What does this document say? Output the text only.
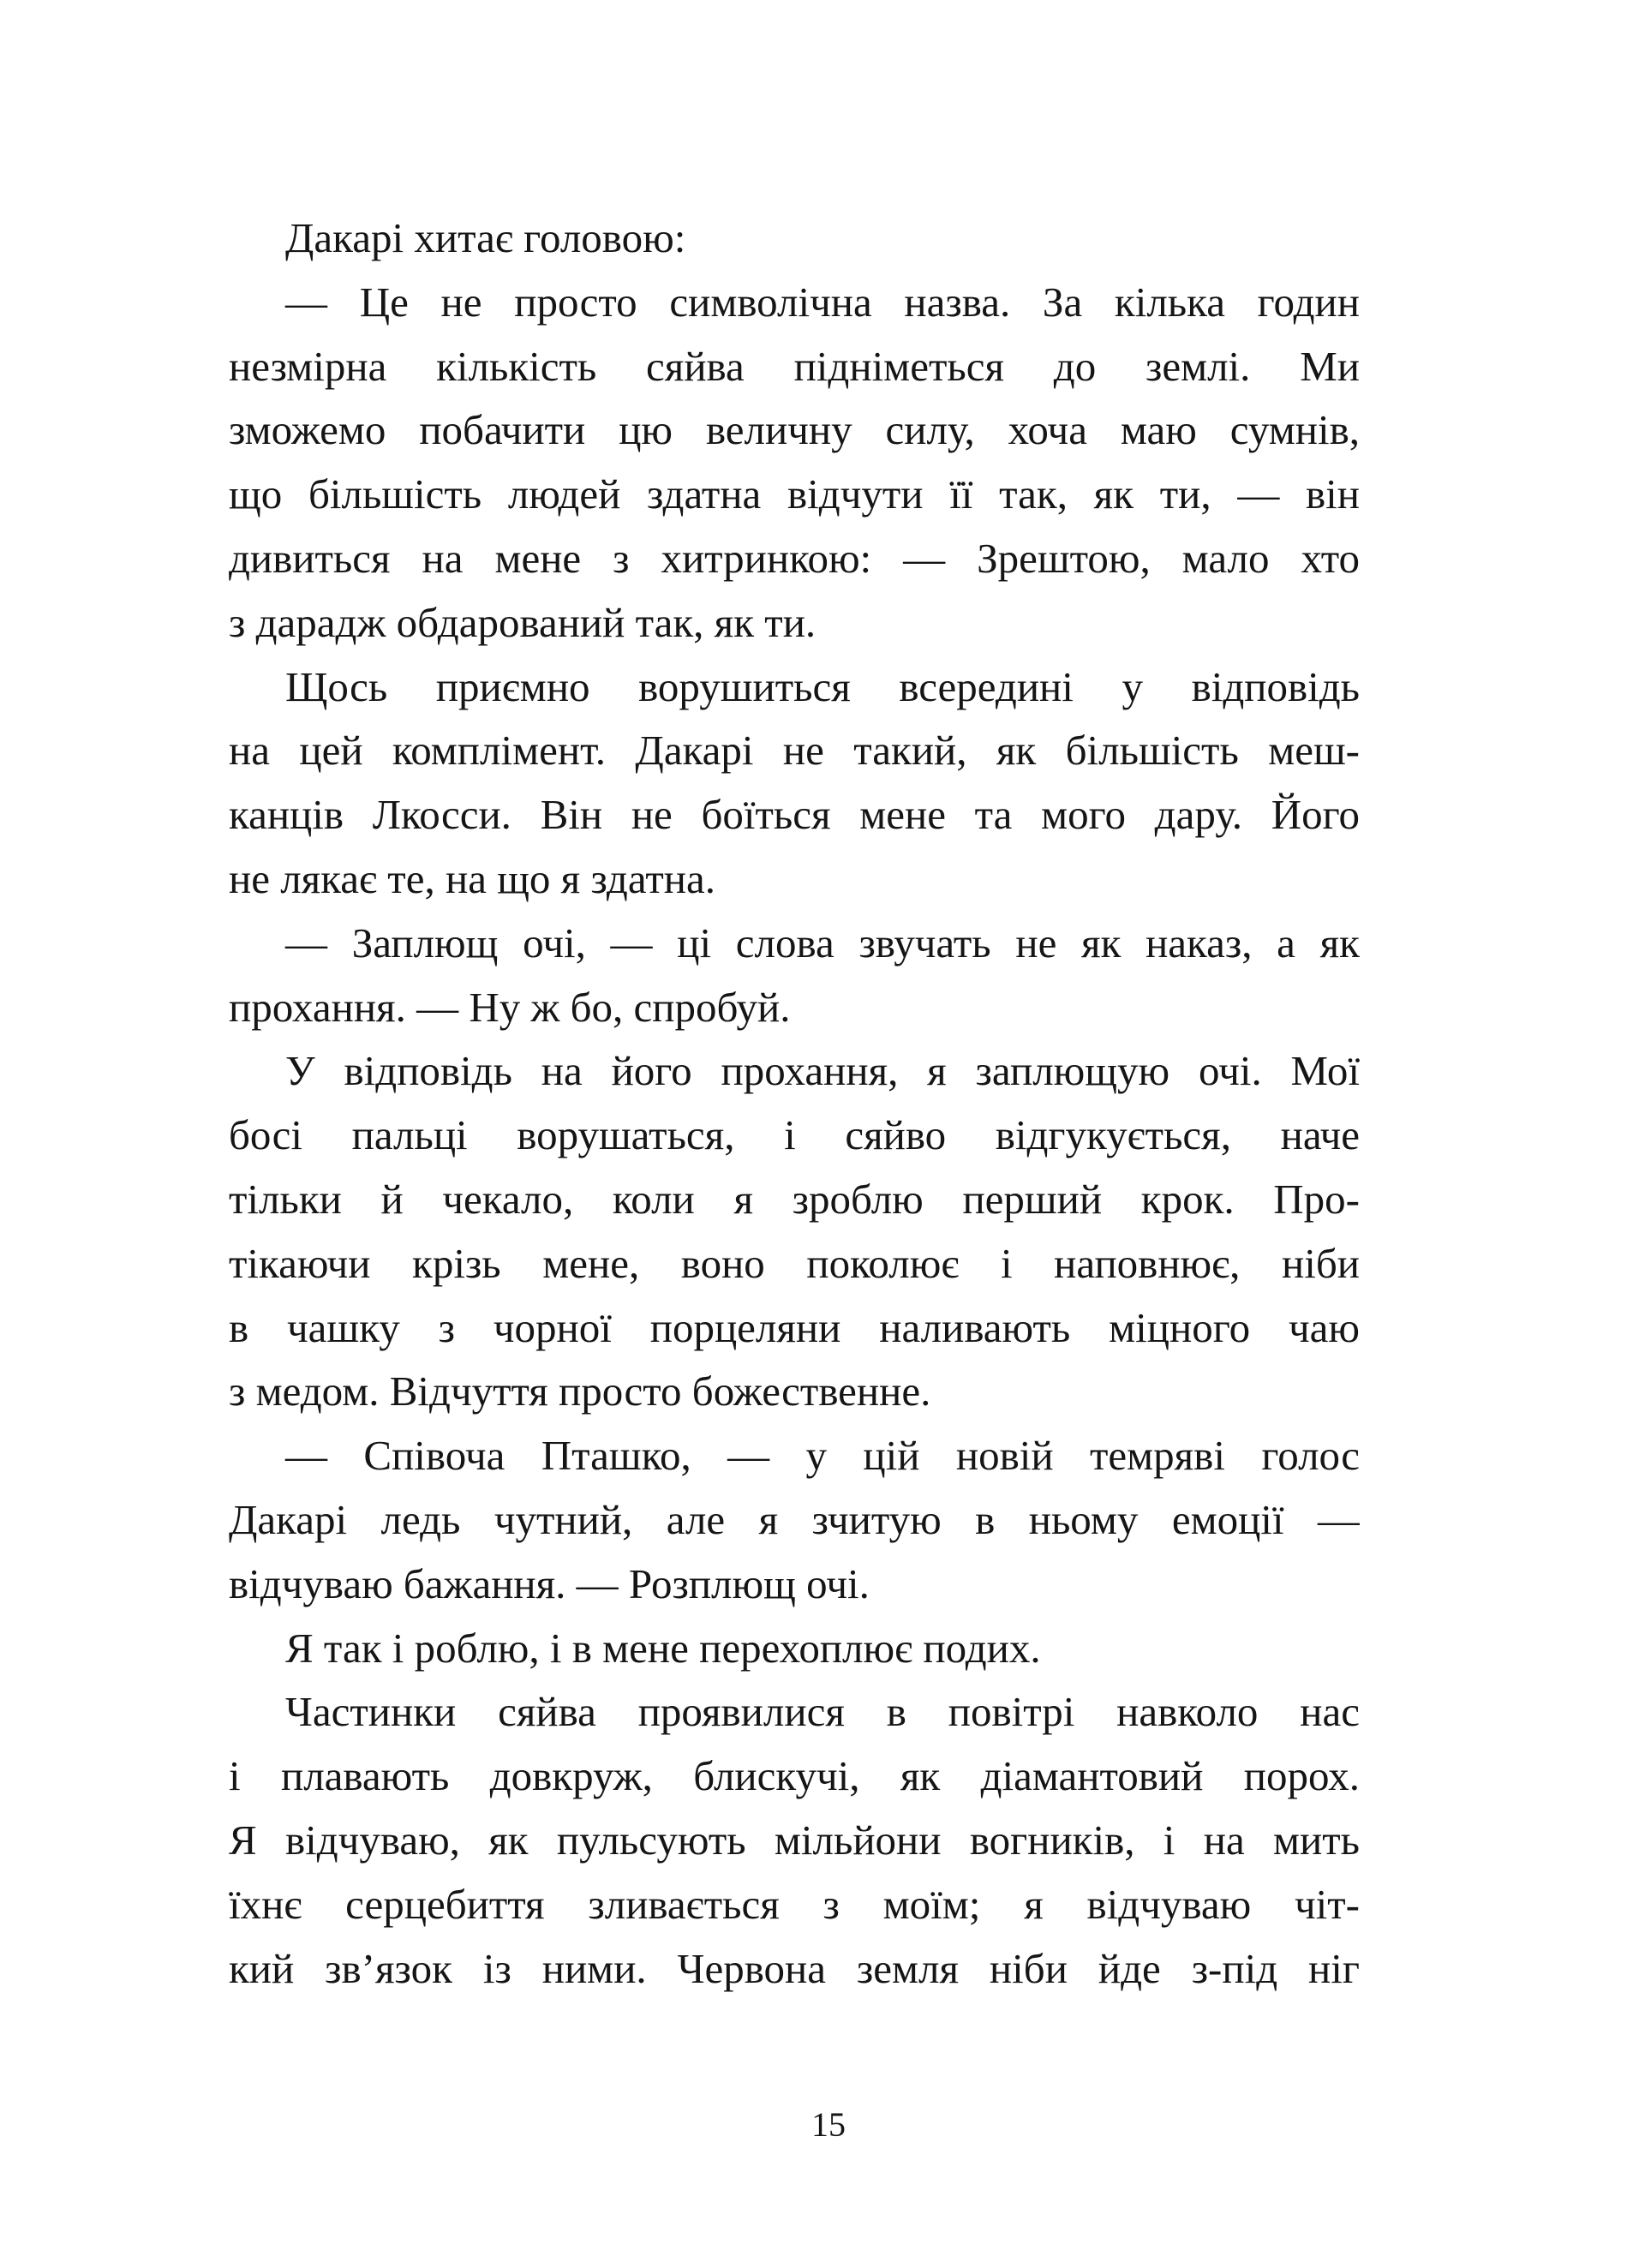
Дакарі хитає головою:
— Це не просто символічна назва. За кілька годин
незмірна кількість сяйва підніметься до землі. Ми
зможемо побачити цю величну силу, хоча маю сумнів,
що більшість людей здатна відчути її так, як ти, — він
дивиться на мене з хитринкою: — Зрештою, мало хто
з дарадж обдарований так, як ти.
Щось приємно ворушиться всередині у відповідь
на цей комплімент. Дакарі не такий, як більшість меш-
канців Лкосси. Він не боїться мене та мого дару. Його
не лякає те, на що я здатна.
— Заплющ очі, — ці слова звучать не як наказ, а як
прохання. — Ну ж бо, спробуй.
У відповідь на його прохання, я заплющую очі. Мої
босі пальці ворушаться, і сяйво відгукується, наче
тільки й чекало, коли я зроблю перший крок. Про-
тікаючи крізь мене, воно поколює і наповнює, ніби
в чашку з чорної порцеляни наливають міцного чаю
з медом. Відчуття просто божественне.
— Співоча Пташко, — у цій новій темряві голос
Дакарі ледь чутний, але я зчитую в ньому емоції —
відчуваю бажання. — Розплющ очі.
Я так і роблю, і в мене перехоплює подих.
Частинки сяйва проявилися в повітрі навколо нас
і плавають довкруж, блискучі, як діамантовий порох.
Я відчуваю, як пульсують мільйони вогників, і на мить
їхнє серцебиття зливається з моїм; я відчуваю чіт-
кий зв’язок із ними. Червона земля ніби йде з-під ніг
15
